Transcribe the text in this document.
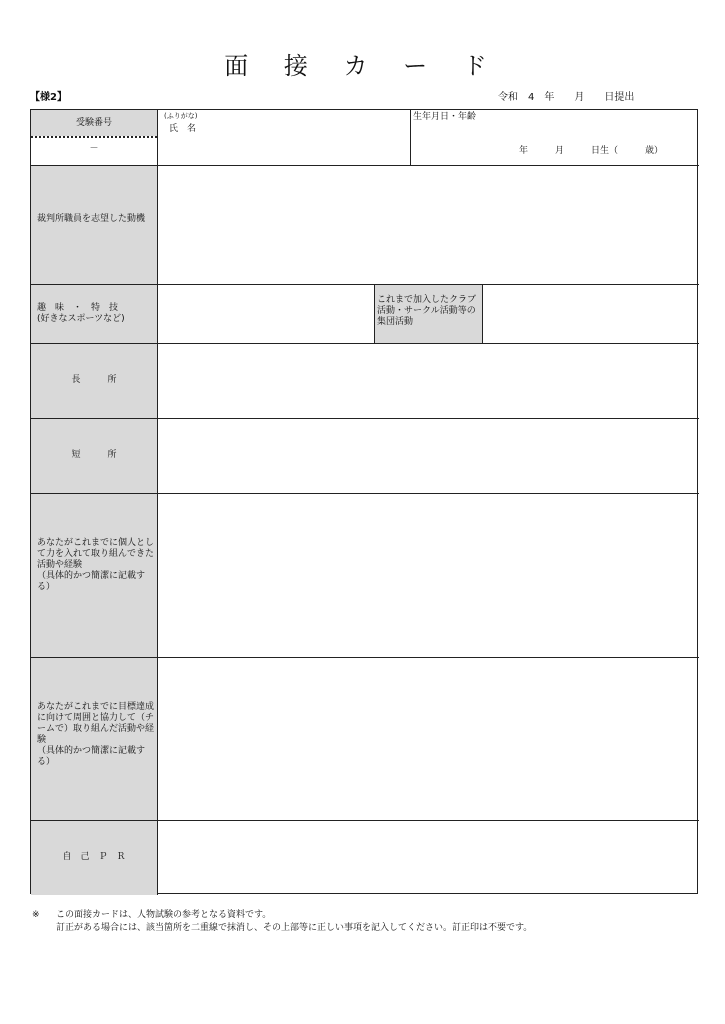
面 接 カ ー ド
【様2】	令和　4　年　　月　　日提出
受験番号
－
(ふりがな)
氏　名
生年月日・年齢
年　　　月　　　日生（　　　歳）
裁判所職員を志望した動機
趣　味　・　特　技
(好きなスポーツなど)
これまで加入したクラブ活動・サークル活動等の集団活動
長　　　所
短　　　所
あなたがこれまでに個人として力を入れて取り組んできた活動や経験
（具体的かつ簡潔に記載する）
あなたがこれまでに目標達成に向けて周囲と協力して（チームで）取り組んだ活動や経験
（具体的かつ簡潔に記載する）
自　己　Ｐ　Ｒ
※ この面接カードは、人物試験の参考となる資料です。
訂正がある場合には、該当箇所を二重線で抹消し、その上部等に正しい事項を記入してください。訂正印は不要です。
